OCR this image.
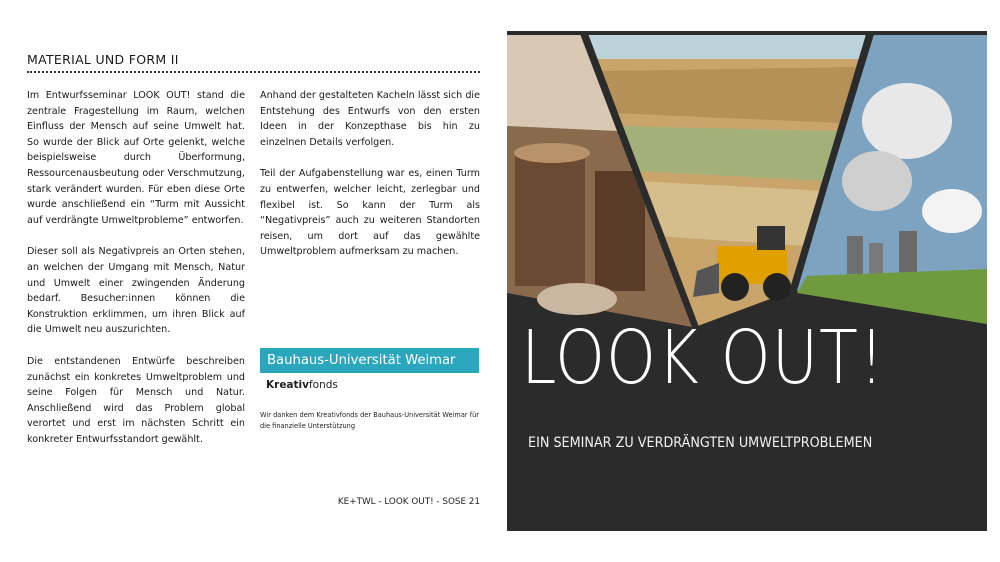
MATERIAL UND FORM II

Im Entwurfsseminar LOOK OUT! stand die zentrale Fragestellung im Raum, welchen Einfluss der Mensch auf seine Umwelt hat. So wurde der Blick auf Orte gelenkt, welche beispielsweise durch Überformung, Ressourcenausbeutung oder Verschmutzung, stark verändert wurden. Für eben diese Orte wurde anschließend ein “Turm mit Aussicht auf verdrängte Umweltprobleme” entworfen.

Dieser soll als Negativpreis an Orten stehen, an welchen der Umgang mit Mensch, Natur und Umwelt einer zwingenden Änderung bedarf. Besucher:innen können die Konstruktion erklimmen, um ihren Blick auf die Umwelt neu auszurichten.

Die entstandenen Entwürfe beschreiben zunächst ein konkretes Umweltproblem und seine Folgen für Mensch und Natur. Anschließend wird das Problem global verortet und erst im nächsten Schritt ein konkreter Entwurfsstandort gewählt.

Anhand der gestalteten Kacheln lässt sich die Entstehung des Entwurfs von den ersten Ideen in der Konzepthase bis hin zu einzelnen Details verfolgen.

Teil der Aufgabenstellung war es, einen Turm zu entwerfen, welcher leicht, zerlegbar und flexibel ist. So kann der Turm als “Negativpreis” auch zu weiteren Standorten reisen, um dort auf das gewählte Umweltproblem aufmerksam zu machen.

Bauhaus-Universität Weimar
Kreativfonds
Wir danken dem Kreativfonds der Bauhaus-Universität Weimar für die finanzielle Unterstützung
KE+TWL - LOOK OUT! - SOSE 21
LOOK OUT!
EIN SEMINAR ZU VERDRÄNGTEN UMWELTPROBLEMEN
